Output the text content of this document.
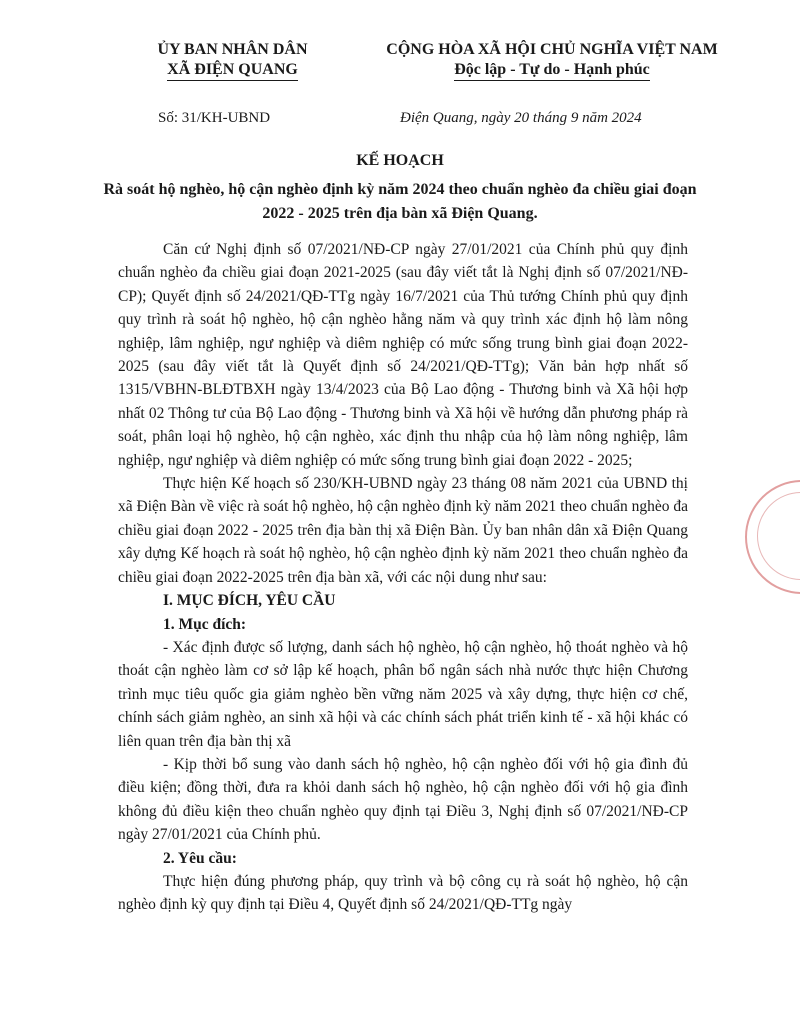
ỦY BAN NHÂN DÂN
XÃ ĐIỆN QUANG
CỘNG HÒA XÃ HỘI CHỦ NGHĨA VIỆT NAM
Độc lập - Tự do - Hạnh phúc
Số: 31/KH-UBND	Điện Quang, ngày 20 tháng 9 năm 2024
KẾ HOẠCH
Rà soát hộ nghèo, hộ cận nghèo định kỳ năm 2024 theo chuẩn nghèo đa chiều giai đoạn 2022 - 2025 trên địa bàn xã Điện Quang.

Căn cứ Nghị định số 07/2021/NĐ-CP ngày 27/01/2021 của Chính phủ quy định chuẩn nghèo đa chiều giai đoạn 2021-2025 (sau đây viết tắt là Nghị định số 07/2021/NĐ-CP); Quyết định số 24/2021/QĐ-TTg ngày 16/7/2021 của Thủ tướng Chính phủ quy định quy trình rà soát hộ nghèo, hộ cận nghèo hằng năm và quy trình xác định hộ làm nông nghiệp, lâm nghiệp, ngư nghiệp và diêm nghiệp có mức sống trung bình giai đoạn 2022-2025 (sau đây viết tắt là Quyết định số 24/2021/QĐ-TTg); Văn bản hợp nhất số 1315/VBHN-BLĐTBXH ngày 13/4/2023 của Bộ Lao động - Thương binh và Xã hội hợp nhất 02 Thông tư của Bộ Lao động - Thương binh và Xã hội về hướng dẫn phương pháp rà soát, phân loại hộ nghèo, hộ cận nghèo, xác định thu nhập của hộ làm nông nghiệp, lâm nghiệp, ngư nghiệp và diêm nghiệp có mức sống trung bình giai đoạn 2022 - 2025;

Thực hiện Kế hoạch số 230/KH-UBND ngày 23 tháng 08 năm 2021 của UBND thị xã Điện Bàn về việc rà soát hộ nghèo, hộ cận nghèo định kỳ năm 2021 theo chuẩn nghèo đa chiều giai đoạn 2022 - 2025 trên địa bàn thị xã Điện Bàn. Ủy ban nhân dân xã Điện Quang xây dựng Kế hoạch rà soát hộ nghèo, hộ cận nghèo định kỳ năm 2021 theo chuẩn nghèo đa chiều giai đoạn 2022-2025 trên địa bàn xã, với các nội dung như sau:

I. MỤC ĐÍCH, YÊU CẦU

1. Mục đích:

- Xác định được số lượng, danh sách hộ nghèo, hộ cận nghèo, hộ thoát nghèo và hộ thoát cận nghèo làm cơ sở lập kế hoạch, phân bổ ngân sách nhà nước thực hiện Chương trình mục tiêu quốc gia giảm nghèo bền vững năm 2025 và xây dựng, thực hiện cơ chế, chính sách giảm nghèo, an sinh xã hội và các chính sách phát triển kinh tế - xã hội khác có liên quan trên địa bàn thị xã

- Kịp thời bổ sung vào danh sách hộ nghèo, hộ cận nghèo đối với hộ gia đình đủ điều kiện; đồng thời, đưa ra khỏi danh sách hộ nghèo, hộ cận nghèo đối với hộ gia đình không đủ điều kiện theo chuẩn nghèo quy định tại Điều 3, Nghị định số 07/2021/NĐ-CP ngày 27/01/2021 của Chính phủ.

2. Yêu cầu:

Thực hiện đúng phương pháp, quy trình và bộ công cụ rà soát hộ nghèo, hộ cận nghèo định kỳ quy định tại Điều 4, Quyết định số 24/2021/QĐ-TTg ngày
